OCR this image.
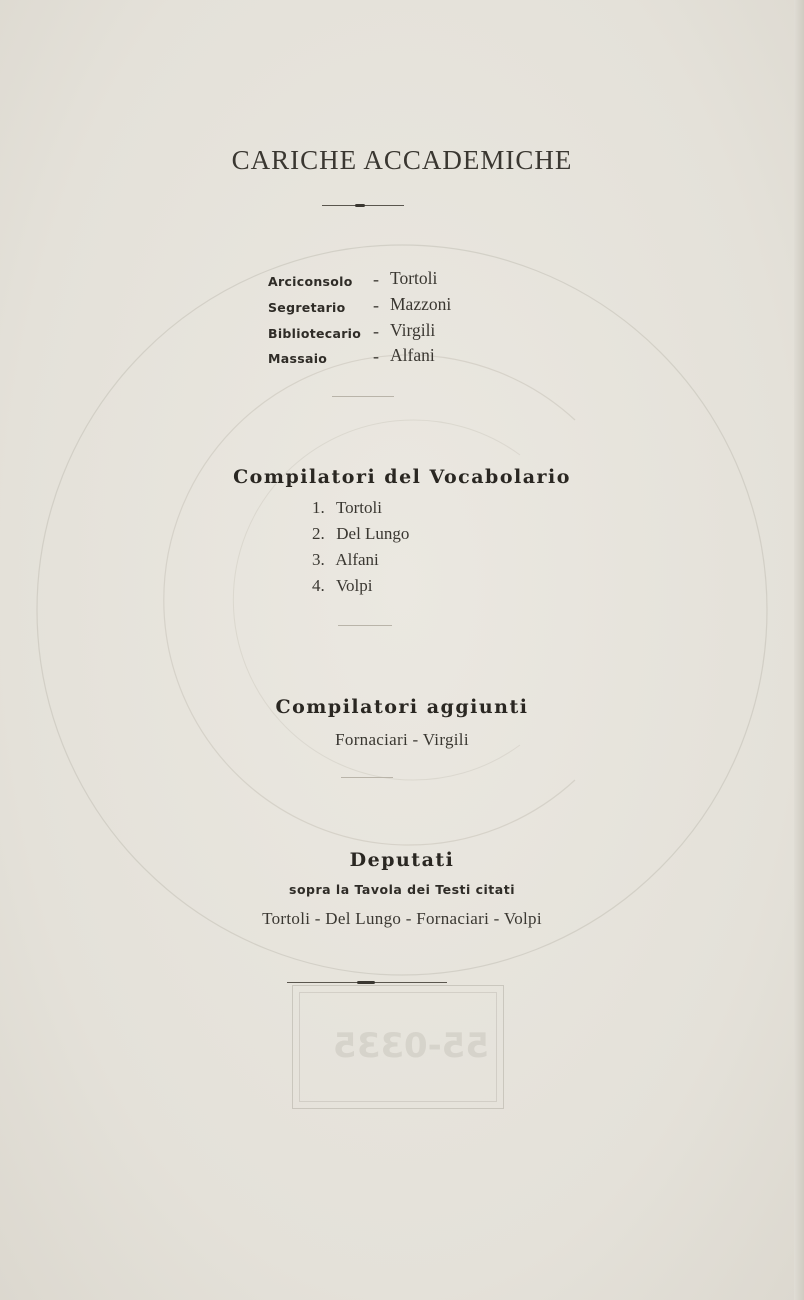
CARICHE ACCADEMICHE
Arciconsolo - Tortoli
Segretario - Mazzoni
Bibliotecario - Virgili
Massaio	- Alfani
Compilatori del Vocabolario
1. Tortoli
2. Del Lungo
3. Alfani
4. Volpi
Compilatori aggiunti
Fornaciari - Virgili
Deputati
sopra la Tavola dei Testi citati
Tortoli - Del Lungo - Fornaciari - Volpi
55-0335
